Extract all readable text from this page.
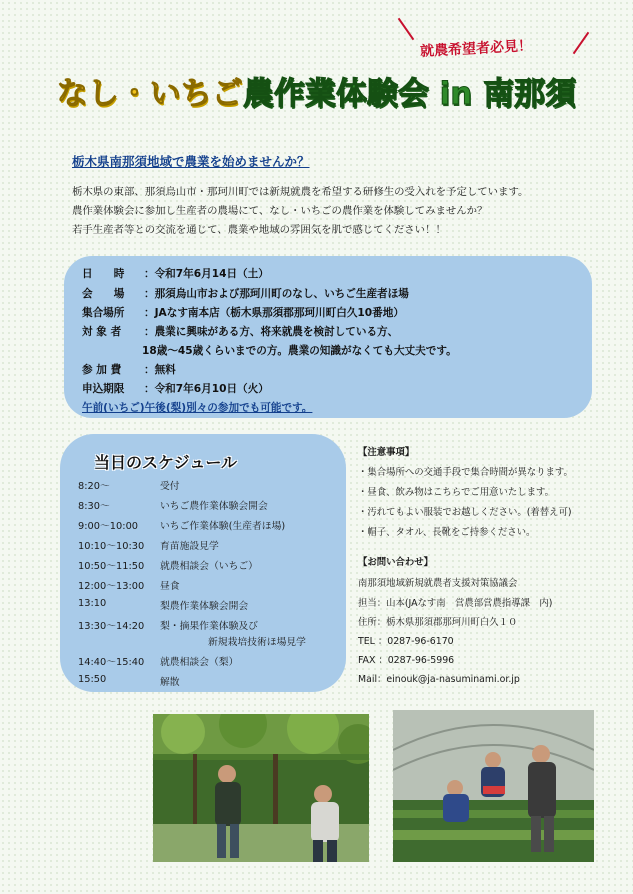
就農希望者必見！
なし・いちご農作業体験会 in 南那須
栃木県南那須地域で農業を始めませんか？
栃木県の東部、那須烏山市・那珂川町では新規就農を希望する研修生の受入れを予定しています。
農作業体験会に参加し生産者の農場にて、なし・いちごの農作業を体験してみませんか？
若手生産者等との交流を通じて、農業や地域の雰囲気を肌で感じてください！！
日　　時 ：令和7年6月14日（土）
会　　場 ：那須烏山市および那珂川町のなし、いちご生産者ほ場
集合場所 ：JAなす南本店（栃木県那須郡那珂川町白久10番地）
対 象 者 ：農業に興味がある方、将来就農を検討している方、
18歳～45歳くらいまでの方。農業の知識がなくても大丈夫です。
参 加 費 ：無料
申込期限 ：令和7年6月10日（火）
午前(いちご)午後(梨)別々の参加でも可能です。
当日のスケジュール
8:20～	受付
8:30～	いちご農作業体験会開会
9:00～10:00 いちご作業体験(生産者ほ場)
10:10～10:30 育苗施設見学
10:50～11:50 就農相談会（いちご）
12:00～13:00 昼食
13:10	梨農作業体験会開会
13:30～14:20 梨・摘果作業体験及び
新規栽培技術ほ場見学
14:40～15:40 就農相談会（梨）
15:50	解散
【注意事項】
・集合場所への交通手段で集合時間が異なります。
・昼食、飲み物はこちらでご用意いたします。
・汚れてもよい服装でお越しください。(着替え可)
・帽子、タオル、長靴をご持参ください。
【お問い合わせ】
南那須地域新規就農者支援対策協議会
担当：山本(JAなす南　営農部営農指導課　内)
住所：栃木県那須郡那珂川町白久１０
TEL ：0287-96-6170
FAX ：0287-96-5996
Mail：einouk@ja-nasuminami.or.jp
